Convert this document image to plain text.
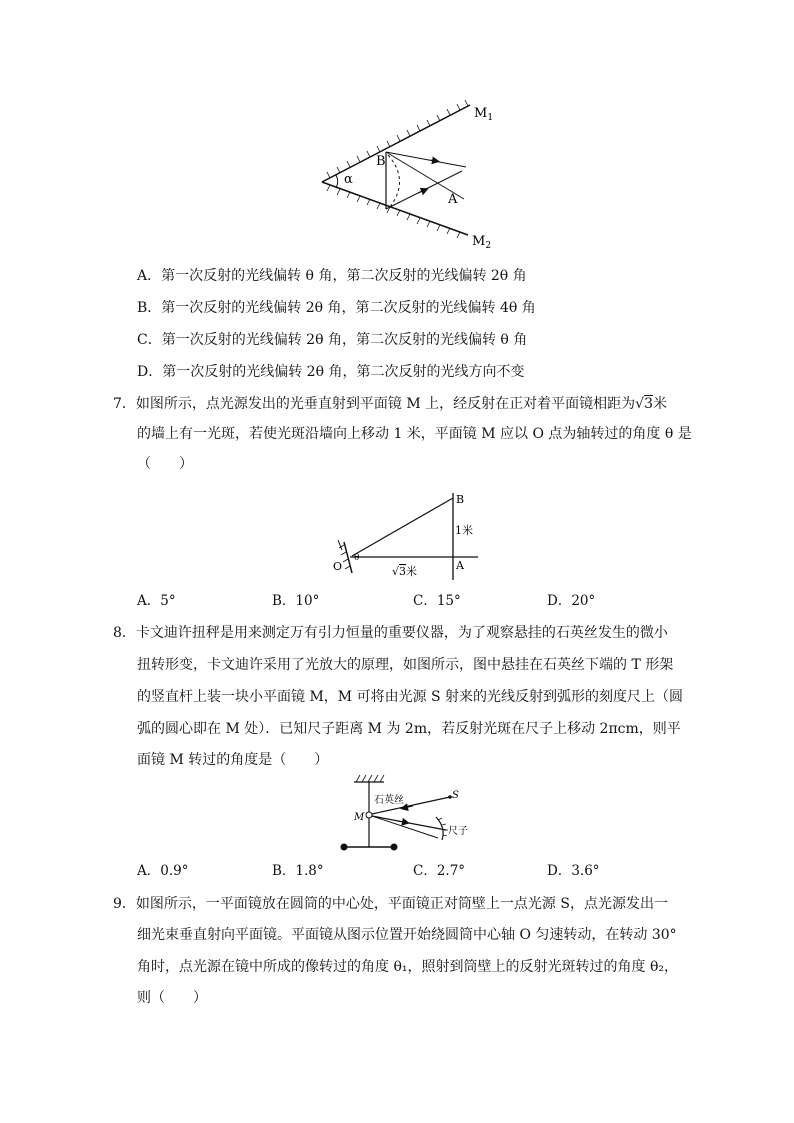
$M_1$
$M_2$
B
A
α
A．第一次反射的光线偏转 θ 角，第二次反射的光线偏转 2θ 角
B．第一次反射的光线偏转 2θ 角，第二次反射的光线偏转 4θ 角
C．第一次反射的光线偏转 2θ 角，第二次反射的光线偏转 θ 角
D．第一次反射的光线偏转 2θ 角，第二次反射的光线方向不变
7．如图所示，点光源发出的光垂直射到平面镜 M 上，经反射在正对着平面镜相距为√3米
的墙上有一光斑，若使光斑沿墙向上移动 1 米，平面镜 M 应以 O 点为轴转过的角度 θ 是
（　　）
B
A
O
θ
1米
√3米
A．5°	B．10°	C．15°	D．20°
8．卡文迪许扭秤是用来测定万有引力恒量的重要仪器，为了观察悬挂的石英丝发生的微小
扭转形变，卡文迪许采用了光放大的原理，如图所示，图中悬挂在石英丝下端的 T 形架
的竖直杆上装一块小平面镜 M，M 可将由光源 S 射来的光线反射到弧形的刻度尺上（圆
弧的圆心即在 M 处）．已知尺子距离 M 为 2m，若反射光斑在尺子上移动 2πcm，则平
面镜 M 转过的角度是（　　）
石英丝	S
M
尺子
A．0.9°	B．1.8°	C．2.7°	D．3.6°
9．如图所示，一平面镜放在圆筒的中心处，平面镜正对筒壁上一点光源 S，点光源发出一
细光束垂直射向平面镜。平面镜从图示位置开始绕圆筒中心轴 O 匀速转动，在转动 30°
角时，点光源在镜中所成的像转过的角度 θ₁，照射到筒壁上的反射光斑转过的角度 θ₂，
则（　　）
